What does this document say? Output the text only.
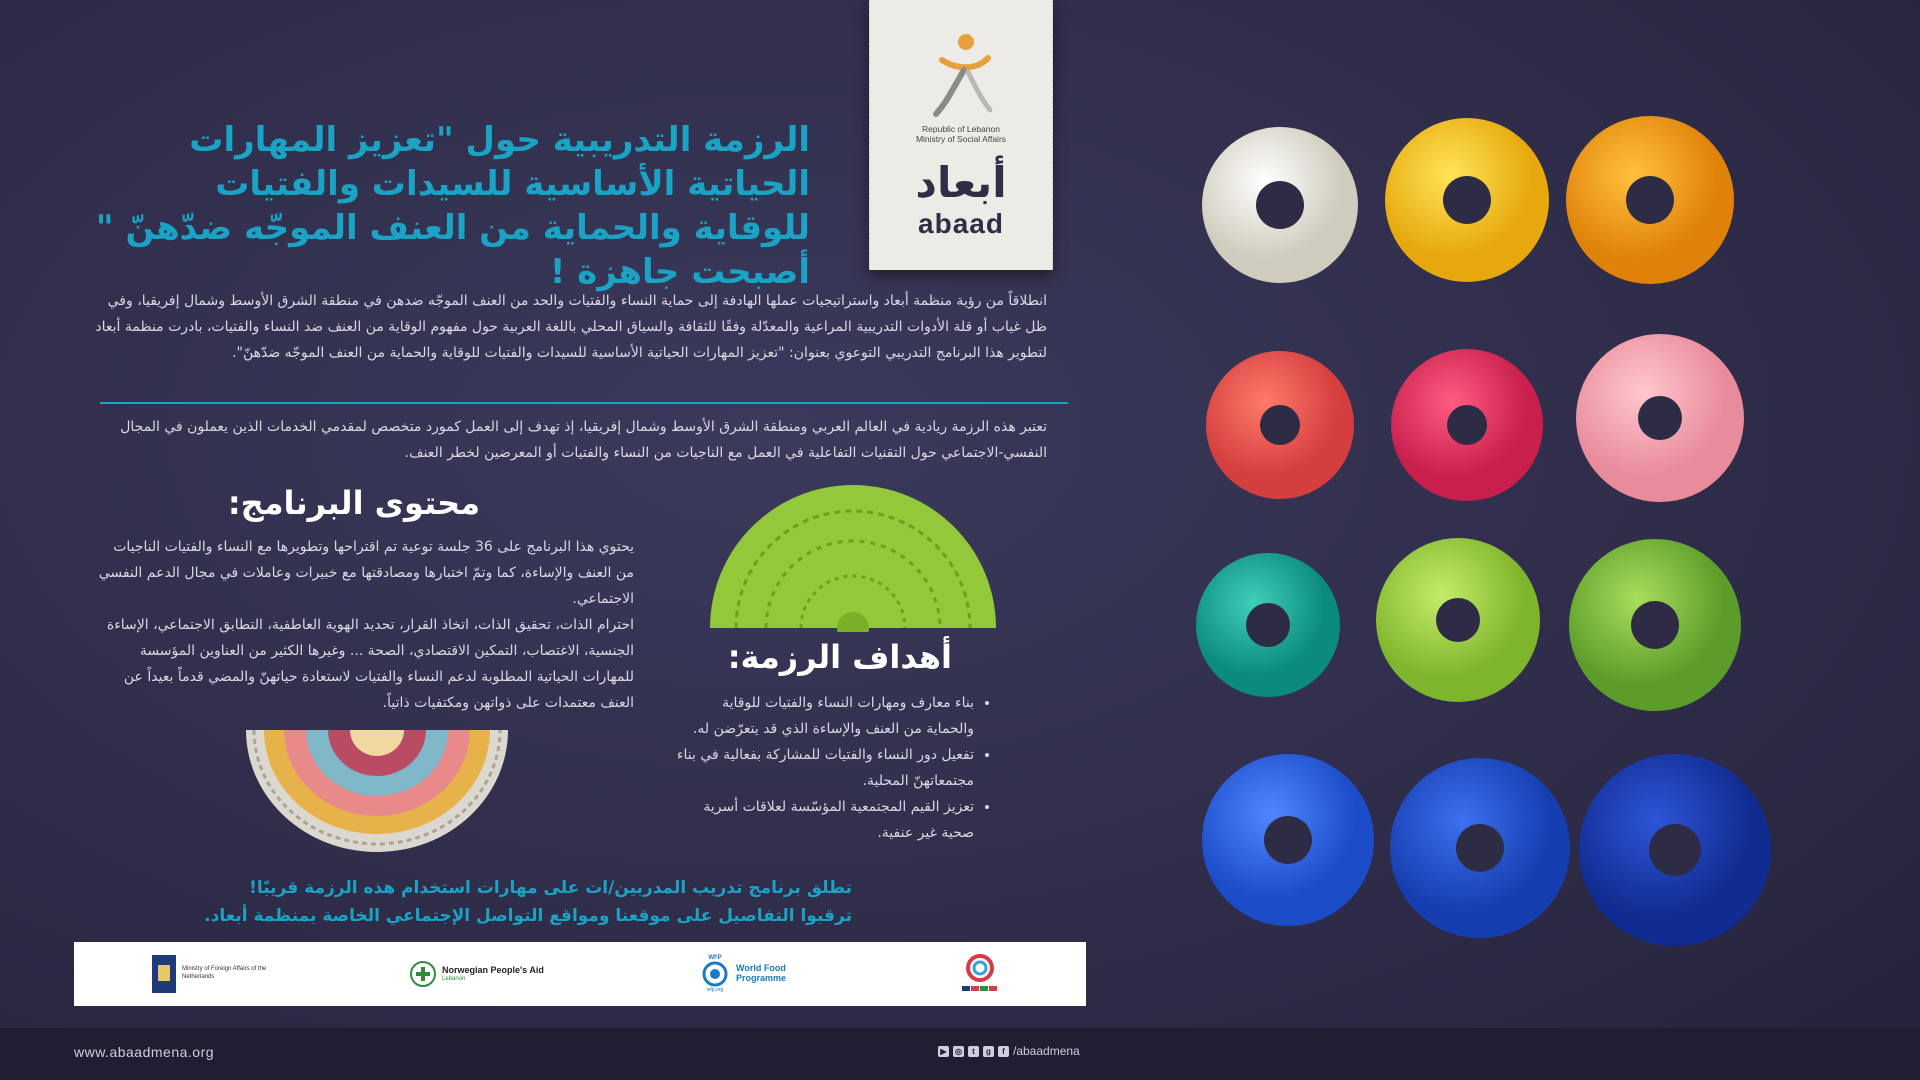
Republic of Lebanon
Ministry of Social Affairs
أبعاد
abaad
الرزمة التدريبية حول "تعزيز المهارات الحياتية الأساسية للسيدات والفتيات للوقاية والحماية من العنف الموجّه ضدّهنّ " أصبحت جاهزة !
انطلاقاً من رؤية منظمة أبعاد واستراتيجيات عملها الهادفة إلى حماية النساء والفتيات والحد من العنف الموجّه ضدهن في منطقة الشرق الأوسط وشمال إفريقيا، وفي ظل غياب أو قلة الأدوات التدريبية المراعية والمعدّلة وفقًا للثقافة والسياق المحلي باللغة العربية حول مفهوم الوقاية من العنف ضد النساء والفتيات، بادرت منظمة أبعاد لتطوير هذا البرنامج التدريبي التوعوي بعنوان: "تعزيز المهارات الحياتية الأساسية للسيدات والفتيات للوقاية والحماية من العنف الموجّه ضدّهنّ".
تعتبر هذه الرزمة ريادية في العالم العربي ومنطقة الشرق الأوسط وشمال إفريقيا، إذ تهدف إلى العمل كمورد متخصص لمقدمي الخدمات الذين يعملون في المجال النفسي-الاجتماعي حول التقنيات التفاعلية في العمل مع الناجيات من النساء والفتيات أو المعرضين لخطر العنف.
محتوى البرنامج:
يحتوي هذا البرنامج على 36 جلسة توعية تم اقتراحها وتطويرها مع النساء والفتيات الناجيات من العنف والإساءة، كما وتمّ اختبارها ومصادقتها مع خبيرات وعاملات في مجال الدعم النفسي الاجتماعي.
احترام الذات، تحقيق الذات، اتخاذ القرار، تحديد الهوية العاطفية، التطابق الاجتماعي، الإساءة الجنسية، الاغتصاب، التمكين الاقتصادي، الصحة ... وغيرها الكثير من العناوين المؤسسة للمهارات الحياتية المطلوبة لدعم النساء والفتيات لاستعادة حياتهنّ والمضي قدماً بعيداً عن العنف معتمدات على ذواتهن ومكتفيات ذاتياً.
أهداف الرزمة:
• بناء معارف ومهارات النساء والفتيات للوقاية والحماية من العنف والإساءة الذي قد يتعرّضن له.
• تفعيل دور النساء والفتيات للمشاركة بفعالية في بناء مجتمعاتهنّ المحلية.
• تعزيز القيم المجتمعية المؤسّسة لعلاقات أسرية صحية غير عنفية.
تطلق برنامج تدريب المدربين/ات على مهارات استخدام هذه الرزمة قريبًا! ترقبوا التفاصيل على موقعنا ومواقع التواصل الإجتماعي الخاصة بمنظمة أبعاد.
Ministry of Foreign Affairs of the
Netherlands
Norwegian People's Aid
Lebanon
WFP
wfp.org
World Food
Programme
www.abaadmena.org	▶	◎	t	g	f /abaadmena
